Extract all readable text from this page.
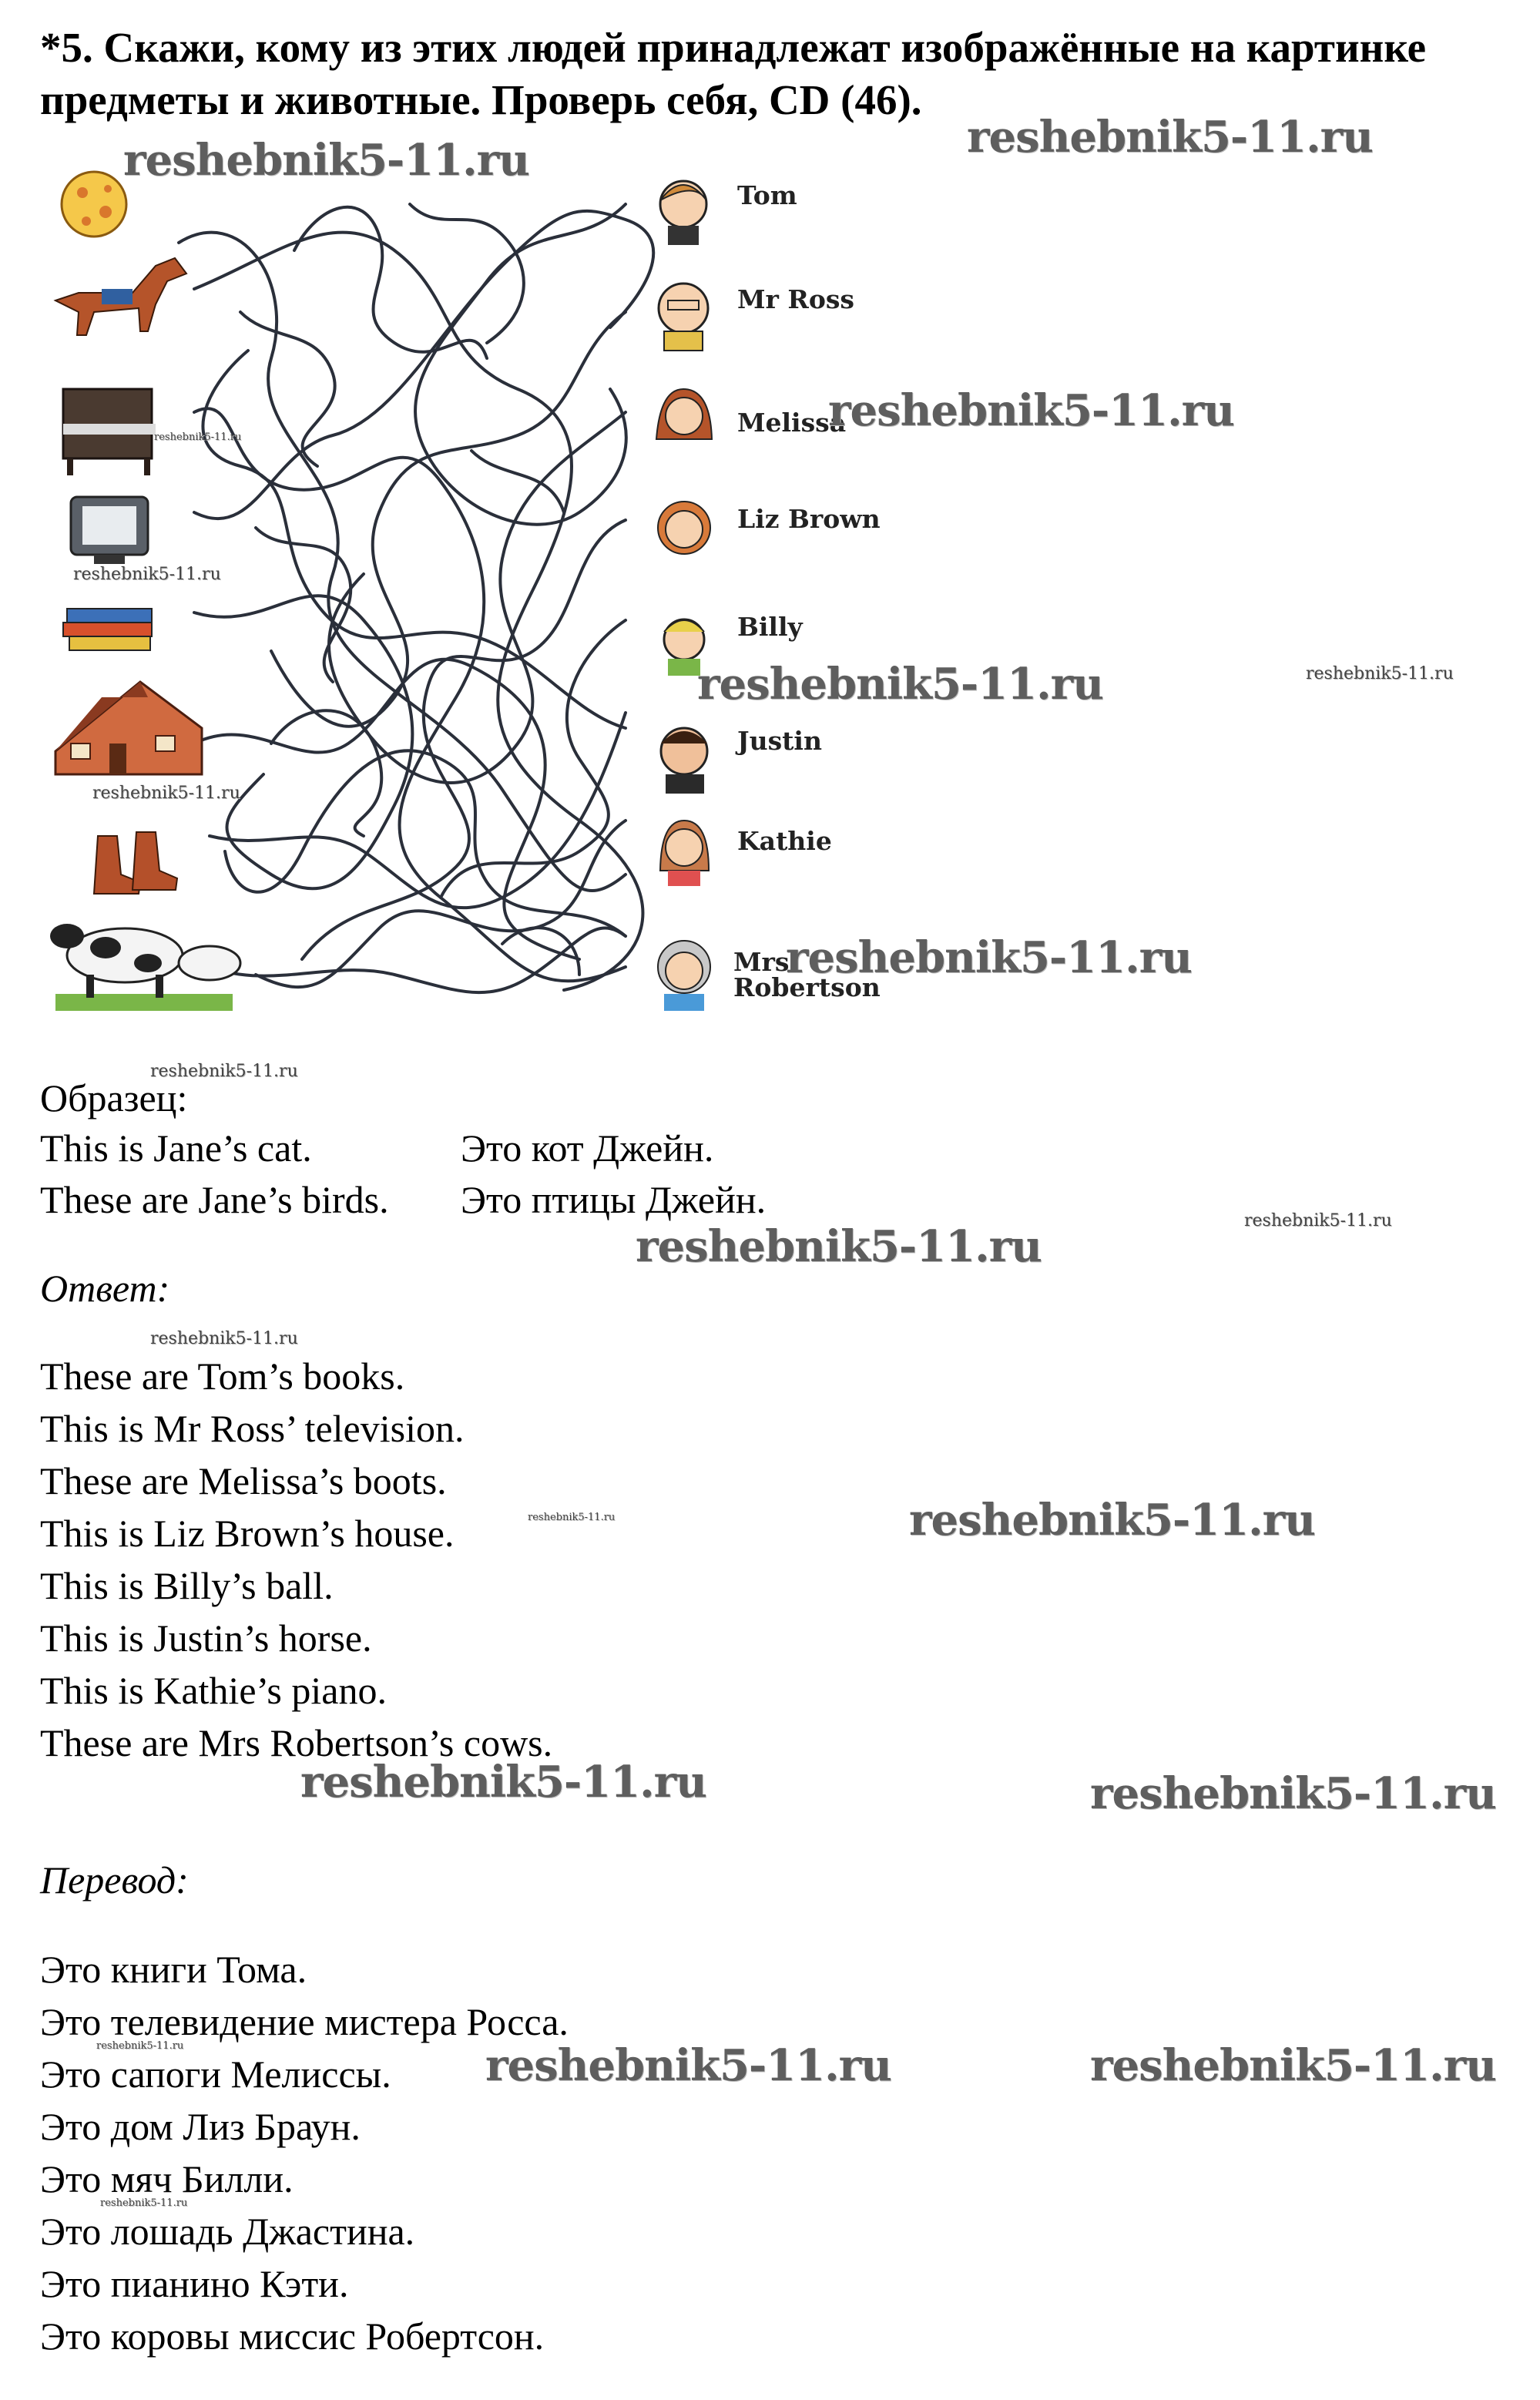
*5. Скажи, кому из этих людей принадлежат изображённые на картинке
предметы и животные. Проверь себя, CD (46).

Tom
Mr Ross
Melissa
Liz Brown
Billy
Justin
Kathie
Mrs
Robertson
Образец:
This is Jane’s cat.	Это кот Джейн.
These are Jane’s birds. Это птицы Джейн.
Ответ:
These are Tom’s books.
This is Mr Ross’ television.
These are Melissa’s boots.
This is Liz Brown’s house.
This is Billy’s ball.
This is Justin’s horse.
This is Kathie’s piano.
These are Mrs Robertson’s cows.
Перевод:
Это книги Тома.
Это телевидение мистера Росса.
Это сапоги Мелиссы.
Это дом Лиз Браун.
Это мяч Билли.
Это лошадь Джастина.
Это пианино Кэти.
Это коровы миссис Робертсон.
reshebnik5-11.ru	reshebnik5-11.ru
reshebnik5-11.ru
reshebnik5-11.ru
reshebnik5-11.ru
reshebnik5-11.ru	reshebnik5-11.ru
reshebnik5-11.ru
reshebnik5-11.ru
reshebnik5-11.ru
reshebnik5-11.ru
reshebnik5-11.ru
reshebnik5-11.ru
reshebnik5-11.ru	reshebnik5-11.ru
reshebnik5-11.ru	reshebnik5-11.ru
reshebnik5-11.ru	reshebnik5-11.ru	reshebnik5-11.ru
reshebnik5-11.ru
